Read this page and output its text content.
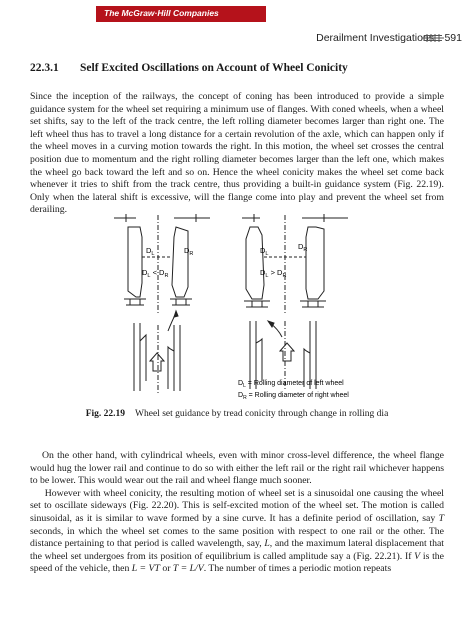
The McGraw·Hill Companies
Derailment Investigations 591
22.3.1 Self Excited Oscillations on Account of Wheel Conicity

Since the inception of the railways, the concept of coning has been introduced to provide a simple guidance system for the wheel set requiring a minimum use of flanges. With coned wheels, when a wheel set shifts, say to the left of the track centre, the left rolling diameter becomes larger than right one. The left wheel thus has to travel a long distance for a certain revolution of the axle, which can happen only if the wheel moves in a curving motion towards the right. In this motion, the wheel set crosses the central position due to momentum and the right rolling diameter becomes larger than the left one, which makes the wheel go back toward the left and so on. Hence the wheel conicity makes the wheel set come back whenever it tries to shift from the track centre, thus providing a built-in guidance system (Fig. 22.19). Only when the lateral shift is excessive, will the flange come into play and prevent the wheel set from derailing.

$D_L$	$D_R$
$D_L < D_R$
$D_L$
$D_R$
$D_L > D_R$
$D_L$ = Rolling diameter of left wheel
$D_R$ = Rolling diameter of right wheel
Fig. 22.19 Wheel set guidance by tread conicity through change in rolling dia

On the other hand, with cylindrical wheels, even with minor cross-level difference, the wheel flange would hug the lower rail and continue to do so with either the left rail or the right rail whichever happens to be lower. This would wear out the rail and wheel flange much sooner.
However with wheel conicity, the resulting motion of wheel set is a sinusoidal one causing the wheel set to oscillate sideways (Fig. 22.20). This is self-excited motion of the wheel set. The motion is called sinusoidal, as it is similar to wave formed by a sine curve. It has a definite period of oscillation, say T seconds, in which the wheel set comes to the same position with respect to one rail or the other. The distance pertaining to that period is called wavelength, say, L, and the maximum lateral displacement that the wheel set undergoes from its position of equilibrium is called amplitude say a (Fig. 22.21). If V is the speed of the vehicle, then L = VT or T = L/V. The number of times a periodic motion repeats
